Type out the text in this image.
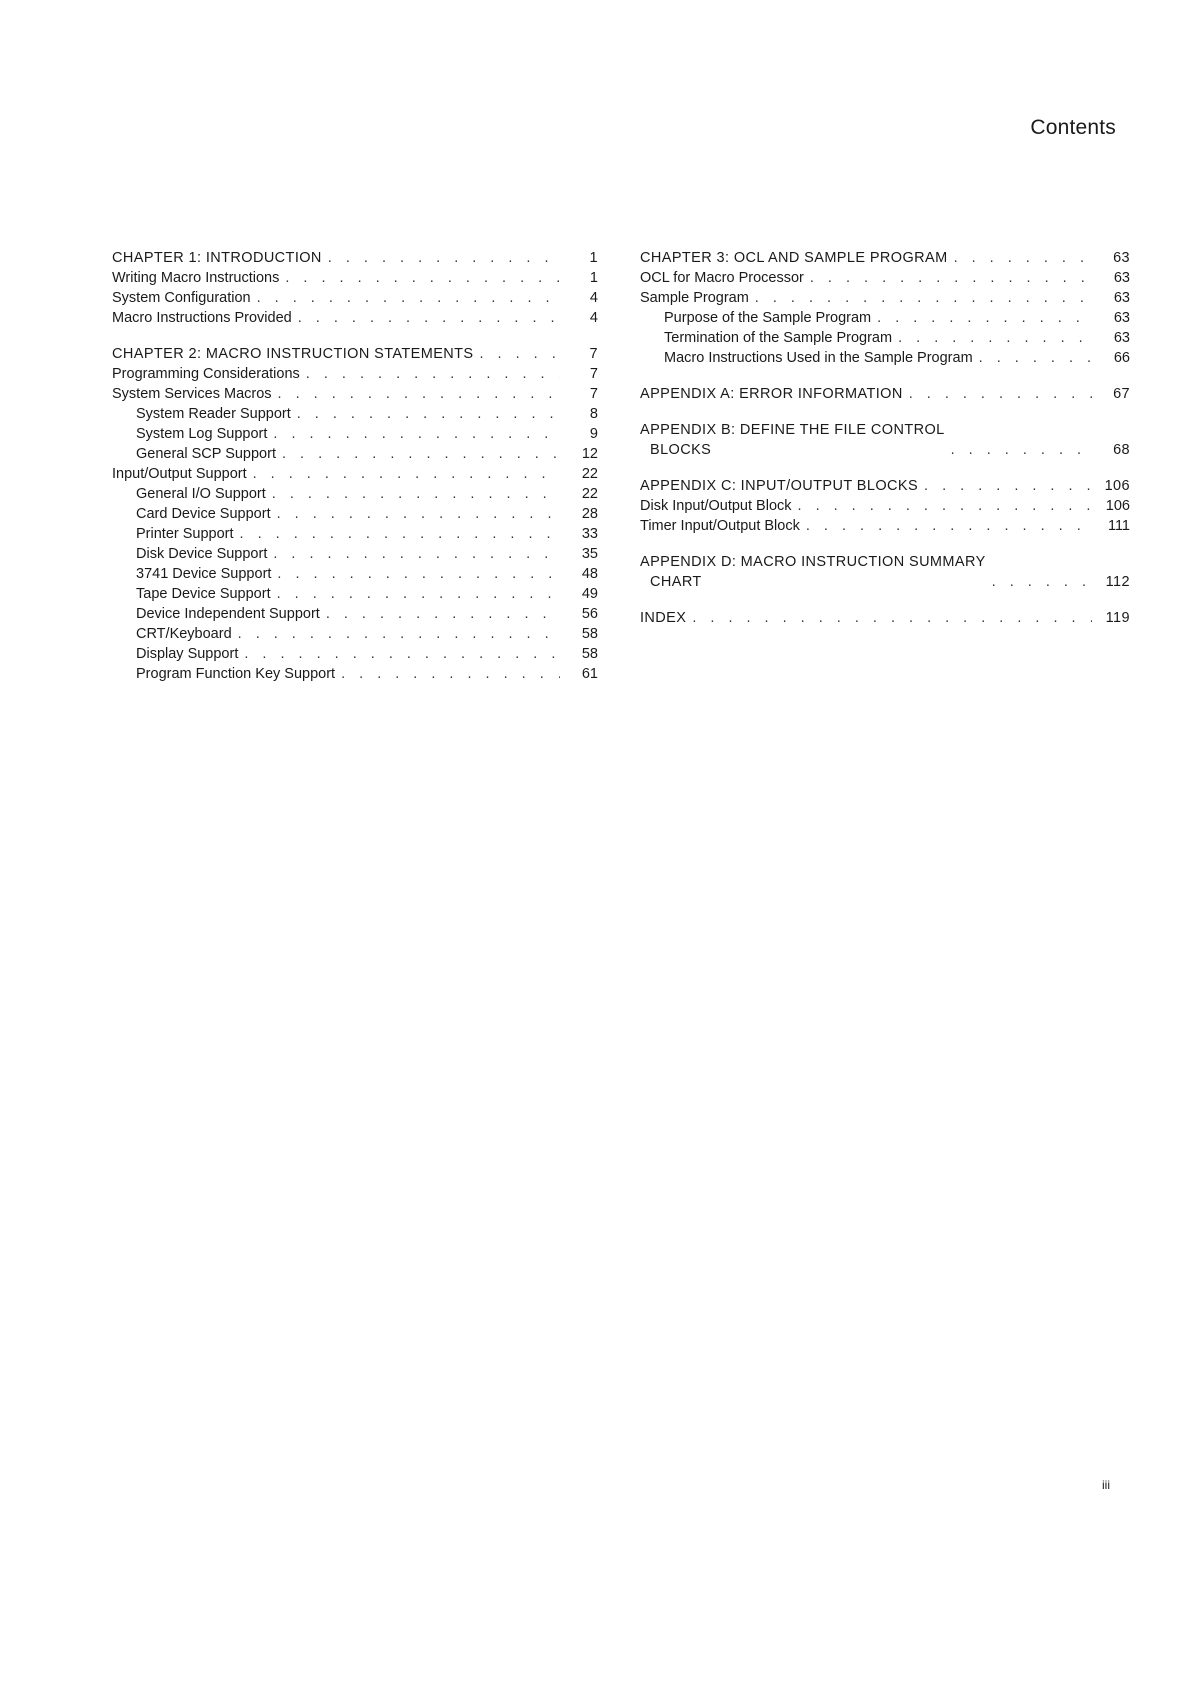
Contents
CHAPTER 1: INTRODUCTION . . .	1
Writing Macro Instructions . . .	1
System Configuration . . .	4
Macro Instructions Provided . . .	4
CHAPTER 2: MACRO INSTRUCTION STATEMENTS . . .	7
Programming Considerations . . .	7
System Services Macros . . .	7
System Reader Support . . .	8
System Log Support . . .	9
General SCP Support . . .	12
Input/Output Support . . .	22
General I/O Support . . .	22
Card Device Support . . .	28
Printer Support . . .	33
Disk Device Support . . .	35
3741 Device Support . . .	48
Tape Device Support . . .	49
Device Independent Support . . .	56
CRT/Keyboard . . .	58
Display Support . . .	58
Program Function Key Support . . .	61
CHAPTER 3: OCL AND SAMPLE PROGRAM . . .	63
OCL for Macro Processor . . .	63
Sample Program . . .	63
Purpose of the Sample Program . . .	63
Termination of the Sample Program . . .	63
Macro Instructions Used in the Sample Program . . .	66
APPENDIX A: ERROR INFORMATION . . .	67
APPENDIX B: DEFINE THE FILE CONTROL
BLOCKS . . .	68
APPENDIX C: INPUT/OUTPUT BLOCKS . . .	106
Disk Input/Output Block . . .	106
Timer Input/Output Block . . .	111
APPENDIX D: MACRO INSTRUCTION SUMMARY
CHART . . .	112
INDEX . . .	119
iii
